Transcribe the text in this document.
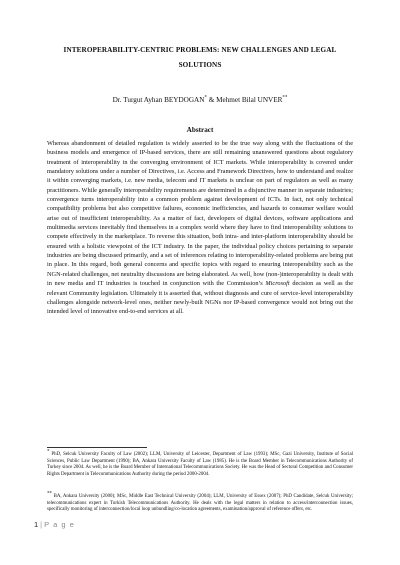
INTEROPERABILITY-CENTRIC PROBLEMS: NEW CHALLENGES AND LEGAL SOLUTIONS
Dr. Turgut Ayhan BEYDOGAN* & Mehmet Bilal UNVER**
Abstract

Whereas abandonment of detailed regulation is widely asserted to be the true way along with the fluctuations of the business models and emergence of IP-based services, there are still remaining unanswered questions about regulatory treatment of interoperability in the converging environment of ICT markets. While interoperability is covered under mandatory solutions under a number of Directives, i.e. Access and Framework Directives, how to understand and realize it within converging markets, i.e. new media, telecom and IT markets is unclear on part of regulators as well as many practitioners. While generally interoperability requirements are determined in a disjunctive manner in separate industries; convergence turns interoperability into a common problem against development of ICTs. In fact, not only technical compatibility problems but also competitive failures, economic inefficiencies, and hazards to consumer welfare would arise out of insufficient interoperability. As a matter of fact, developers of digital devices, software applications and multimedia services inevitably find themselves in a complex world where they have to find interoperability solutions to compete effectively in the marketplace. To reverse this situation, both intra- and inter-platform interoperability should be ensured with a holistic viewpoint of the ICT industry. In the paper, the individual policy choices pertaining to separate industries are being discussed primarily, and a set of inferences relating to interoperability-related problems are being put in place. In this regard, both general concerns and specific topics with regard to ensuring interoperability such as the NGN-related challenges, net neutrality discussions are being elaborated. As well, how (non-)interoperability is dealt with in new media and IT industries is touched in conjunction with the Commission’s Microsoft decision as well as the relevant Community legislation. Ultimately it is asserted that, without diagnosis and cure of service-level interoperability challenges alongside network-level ones, neither newly-built NGNs nor IP-based convergence would not bring out the intended level of innovative end-to-end services at all.

* PhD, Selcuk University Faculty of Law (2002); LLM, University of Leicester, Department of Law (1993); MSc, Gazi University, Institute of Social Sciences, Public Law Department (1990); BA, Ankara University Faculty of Law (1985). He is the Board Member in Telecommunications Authority of Turkey since 2004. As well, he is the Board Member of International Telecommunications Society. He was the Head of Sectoral Competition and Consumer Rights Department in Telecommunications Authority during the period 2000-2004.

** BA, Ankara University (2000); MSc, Middle East Technical University (2004); LLM, University of Essex (2007); PhD Candidate, Selcuk University; telecommunications expert in Turkish Telecommunications Authority. He deals with the legal matters in relation to access/interconnection issues, specifically monitoring of interconnection/local loop unbundling/co-location agreements, examination/approval of reference offers, etc.

1 | P a g e
